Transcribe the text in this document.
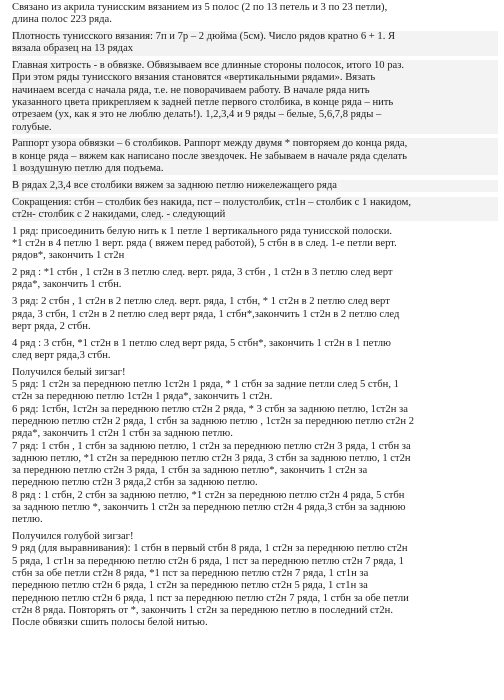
Связано из акрила тунисским вязанием из 5 полос (2 по 13 петель и 3 по 23 петли),
длина полос 223 ряда.
Плотность тунисского вязания: 7п и 7р – 2 дюйма (5см). Число рядов кратно 6 + 1. Я
вязала образец на 13 рядах
Главная хитрость - в обвязке. Обвязываем все длинные стороны полосок, итого 10 раз.
При этом ряды тунисского вязания становятся «вертикальными рядами». Вязать
начинаем всегда с начала ряда, т.е. не поворачиваем работу. В начале ряда нить
указанного цвета прикрепляем к задней петле первого столбика, в конце ряда – нить
отрезаем (ух, как я это не люблю делать!). 1,2,3,4 и 9 ряды – белые, 5,6,7,8 ряды –
голубые.
Раппорт узора обвязки – 6 столбиков. Раппорт между двумя * повторяем до конца ряда,
в конце ряда – вяжем как написано после звездочек. Не забываем в начале ряда сделать
1 воздушную петлю для подъема.
В рядах 2,3,4 все столбики вяжем за заднюю петлю нижележащего ряда
Сокращения: стбн – столбик без накида, пст – полустолбик, ст1н – столбик с 1 накидом,
ст2н- столбик с 2 накидами, след. - следующий
1 ряд: присоединить белую нить к 1 петле 1 вертикального ряда тунисской полоски.
*1 ст2н в 4 петлю 1 верт. ряда ( вяжем перед работой), 5 стбн в в след. 1-е петли верт.
рядов*, закончить 1 ст2н
2 ряд : *1 стбн , 1 ст2н в 3 петлю след. верт. ряда, 3 стбн , 1 ст2н в 3 петлю след верт
ряда*, закончить 1 стбн.
3 ряд: 2 стбн , 1 ст2н в 2 петлю след. верт. ряда, 1 стбн, * 1 ст2н в 2 петлю след верт
ряда, 3 стбн, 1 ст2н в 2 петлю след верт ряда, 1 стбн*,закончить 1 ст2н в 2 петлю след
верт ряда, 2 стбн.
4 ряд : 3 стбн, *1 ст2н в 1 петлю след верт ряда, 5 стбн*, закончить 1 ст2н в 1 петлю
след верт ряда,3 стбн.
Получился белый зигзаг!
5 ряд: 1 ст2н за переднюю петлю 1ст2н 1 ряда, * 1 стбн за задние петли след 5 стбн, 1
ст2н за переднюю петлю 1ст2н 1 ряда*, закончить 1 ст2н.
6 ряд: 1стбн, 1ст2н за переднюю петлю ст2н 2 ряда, * 3 стбн за заднюю петлю, 1ст2н за
переднюю петлю ст2н 2 ряда, 1 стбн за заднюю петлю , 1ст2н за переднюю петлю ст2н 2
ряда*, закончить 1 ст2н 1 стбн за заднюю петлю.
7 ряд: 1 стбн , 1 стбн за заднюю петлю, 1 ст2н за переднюю петлю ст2н 3 ряда, 1 стбн за
заднюю петлю, *1 ст2н за переднюю петлю ст2н 3 ряда, 3 стбн за заднюю петлю, 1 ст2н
за переднюю петлю ст2н 3 ряда, 1 стбн за заднюю петлю*, закончить 1 ст2н за
переднюю петлю ст2н 3 ряда,2 стбн за заднюю петлю.
8 ряд : 1 стбн, 2 стбн за заднюю петлю, *1 ст2н за переднюю петлю ст2н 4 ряда, 5 стбн
за заднюю петлю *, закончить 1 ст2н за переднюю петлю ст2н 4 ряда,3 стбн за заднюю
петлю.
Получился голубой зигзаг!
9 ряд (для выравнивания): 1 стбн в первый стбн 8 ряда, 1 ст2н за переднюю петлю ст2н
5 ряда, 1 ст1н за переднюю петлю ст2н 6 ряда, 1 пст за переднюю петлю ст2н 7 ряда, 1
стбн за обе петли ст2н 8 ряда, *1 пст за переднюю петлю ст2н 7 ряда, 1 ст1н за
переднюю петлю ст2н 6 ряда, 1 ст2н за переднюю петлю ст2н 5 ряда, 1 ст1н за
переднюю петлю ст2н 6 ряда, 1 пст за переднюю петлю ст2н 7 ряда, 1 стбн за обе петли
ст2н 8 ряда. Повторять от *, закончить 1 ст2н за переднюю петлю в последний ст2н.
После обвязки сшить полосы белой нитью.
